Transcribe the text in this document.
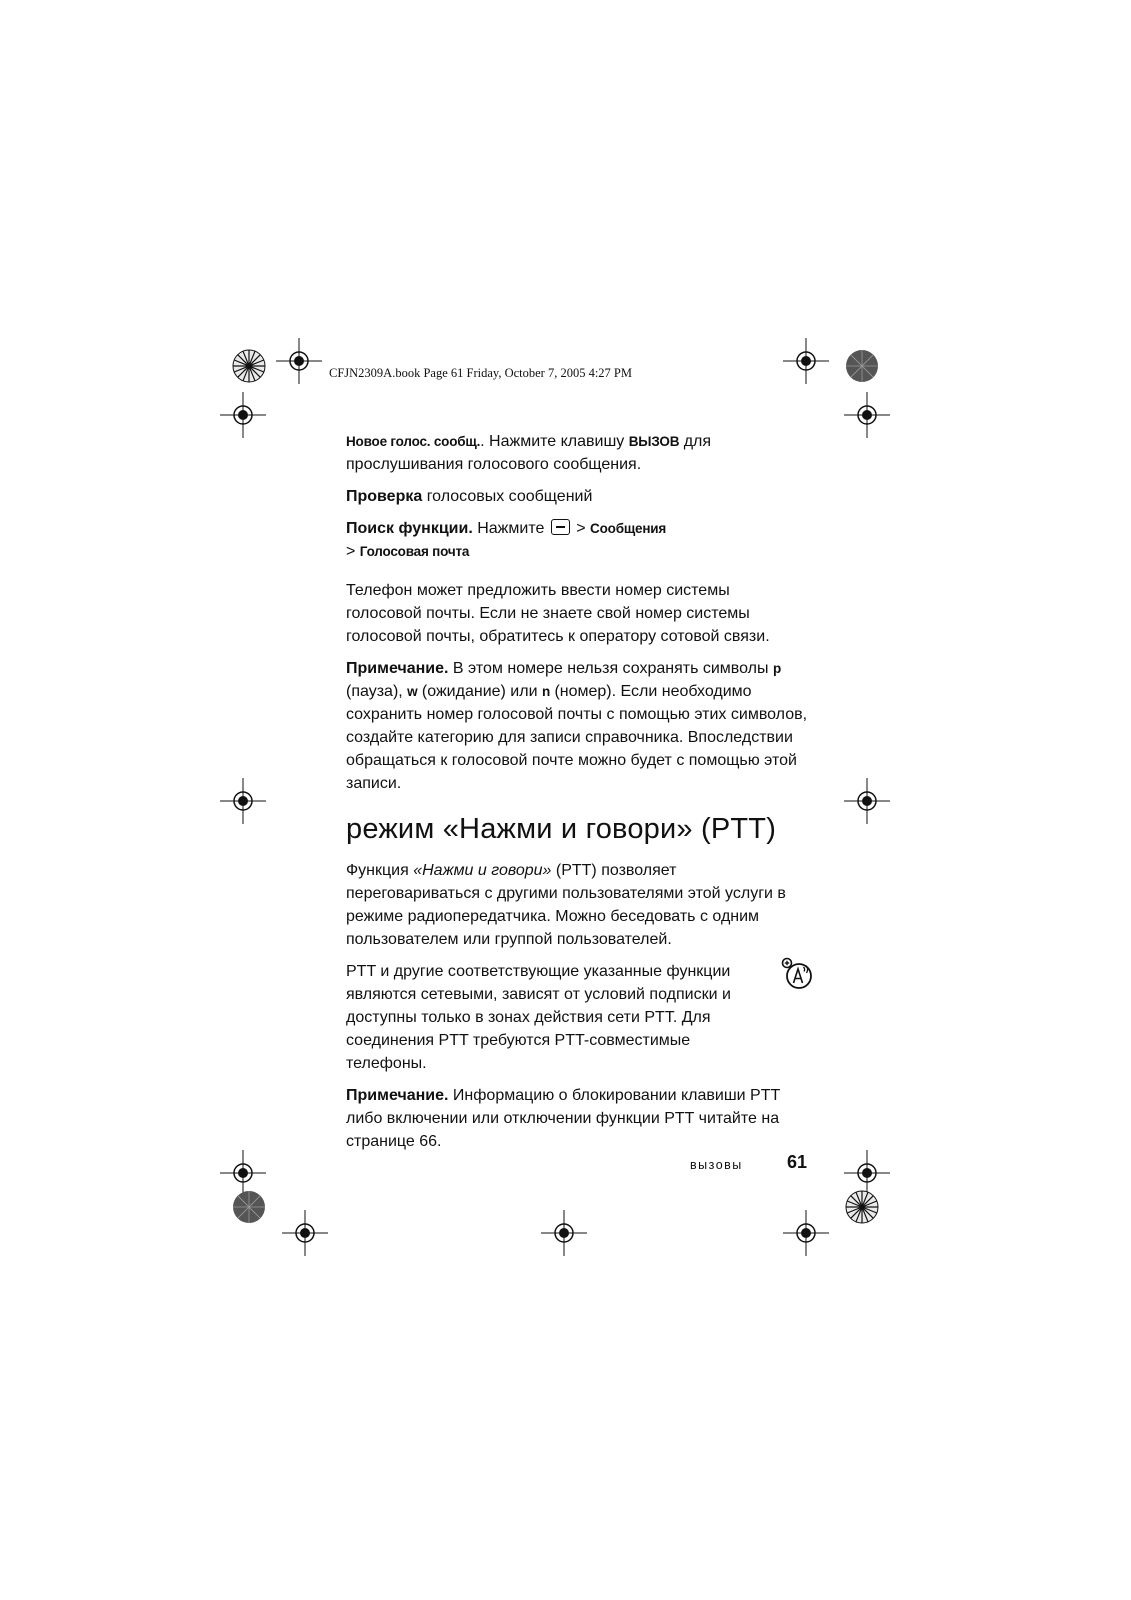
CFJN2309A.book Page 61 Friday, October 7, 2005 4:27 PM

Новое голос. сообщ.. Нажмите клавишу ВЫЗОВ для прослушивания голосового сообщения.

Проверка голосовых сообщений

Поиск функции. Нажмите  > Сообщения
> Голосовая почта

Телефон может предложить ввести номер системы голосовой почты. Если не знаете свой номер системы голосовой почты, обратитесь к оператору сотовой связи.

Примечание. В этом номере нельзя сохранять символы p (пауза), w (ожидание) или n (номер). Если необходимо сохранить номер голосовой почты с помощью этих символов, создайте категорию для записи справочника. Впоследствии обращаться к голосовой почте можно будет с помощью этой записи.

режим «Нажми и говори» (PTT)

Функция «Нажми и говори» (PTT) позволяет переговариваться с другими пользователями этой услуги в режиме радиопередатчика. Можно беседовать с одним пользователем или группой пользователей.

PTT и другие соответствующие указанные функции являются сетевыми, зависят от условий подписки и доступны только в зонах действия сети PTT. Для соединения PTT требуются PTT-совместимые телефоны.

Примечание. Информацию о блокировании клавиши PTT либо включении или отключении функции PTT читайте на странице 66.

вызовы 61
